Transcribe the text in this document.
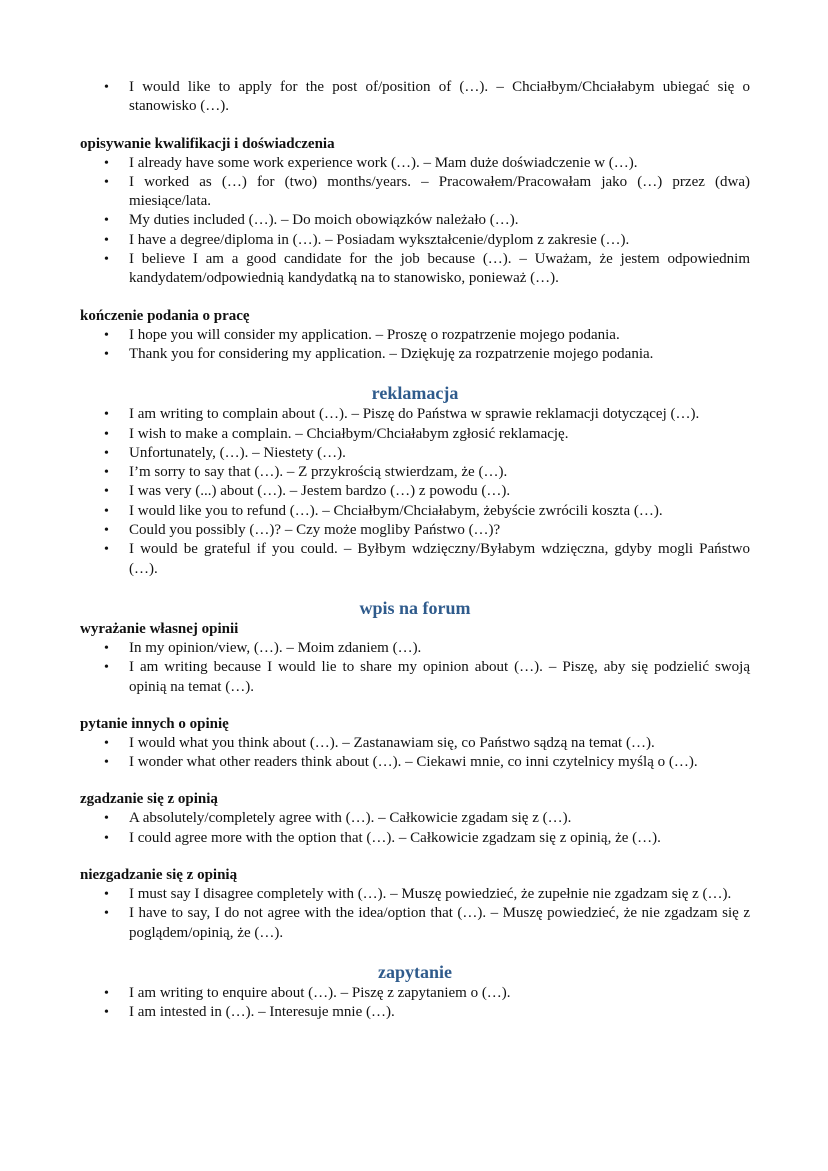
• I would like to apply for the post of/position of (…). – Chciałbym/Chciałabym ubiegać się o stanowisko (…).
opisywanie kwalifikacji i doświadczenia
• I already have some work experience work (…). – Mam duże doświadczenie w (…).
• I worked as (…) for (two) months/years. – Pracowałem/Pracowałam jako (…) przez (dwa) miesiące/lata.
• My duties included (…). – Do moich obowiązków należało (…).
• I have a degree/diploma in (…). – Posiadam wykształcenie/dyplom z zakresie (…).
• I believe I am a good candidate for the job because (…). – Uważam, że jestem odpowiednim kandydatem/odpowiednią kandydatką na to stanowisko, ponieważ (…).
kończenie podania o pracę
• I hope you will consider my application. – Proszę o rozpatrzenie mojego podania.
• Thank you for considering my application. – Dziękuję za rozpatrzenie mojego podania.
reklamacja
• I am writing to complain about (…). – Piszę do Państwa w sprawie reklamacji dotyczącej (…).
• I wish to make a complain. – Chciałbym/Chciałabym zgłosić reklamację.
• Unfortunately, (…). – Niestety (…).
• I’m sorry to say that (…). – Z przykrością stwierdzam, że (…).
• I was very (...) about (…). – Jestem bardzo (…) z powodu (…).
• I would like you to refund (…). – Chciałbym/Chciałabym, żebyście zwrócili koszta (…).
• Could you possibly (…)? – Czy może mogliby Państwo (…)?
• I would be grateful if you could. – Byłbym wdzięczny/Byłabym wdzięczna, gdyby mogli Państwo (…).
wpis na forum
wyrażanie własnej opinii
• In my opinion/view, (…). – Moim zdaniem (…).
• I am writing because I would lie to share my opinion about (…). – Piszę, aby się podzielić swoją opinią na temat (…).
pytanie innych o opinię
• I would what you think about (…). – Zastanawiam się, co Państwo sądzą na temat (…).
• I wonder what other readers think about (…). – Ciekawi mnie, co inni czytelnicy myślą o (…).
zgadzanie się z opinią
• A absolutely/completely agree with (…). – Całkowicie zgadam się z (…).
• I could agree more with the option that (…). – Całkowicie zgadzam się z opinią, że (…).
niezgadzanie się z opinią
• I must say I disagree completely with (…). – Muszę powiedzieć, że zupełnie nie zgadzam się z (…).
• I have to say, I do not agree with the idea/option that (…). – Muszę powiedzieć, że nie zgadzam się z poglądem/opinią, że (…).
zapytanie
• I am writing to enquire about (…). – Piszę z zapytaniem o (…).
• I am intested in (…). – Interesuje mnie (…).
